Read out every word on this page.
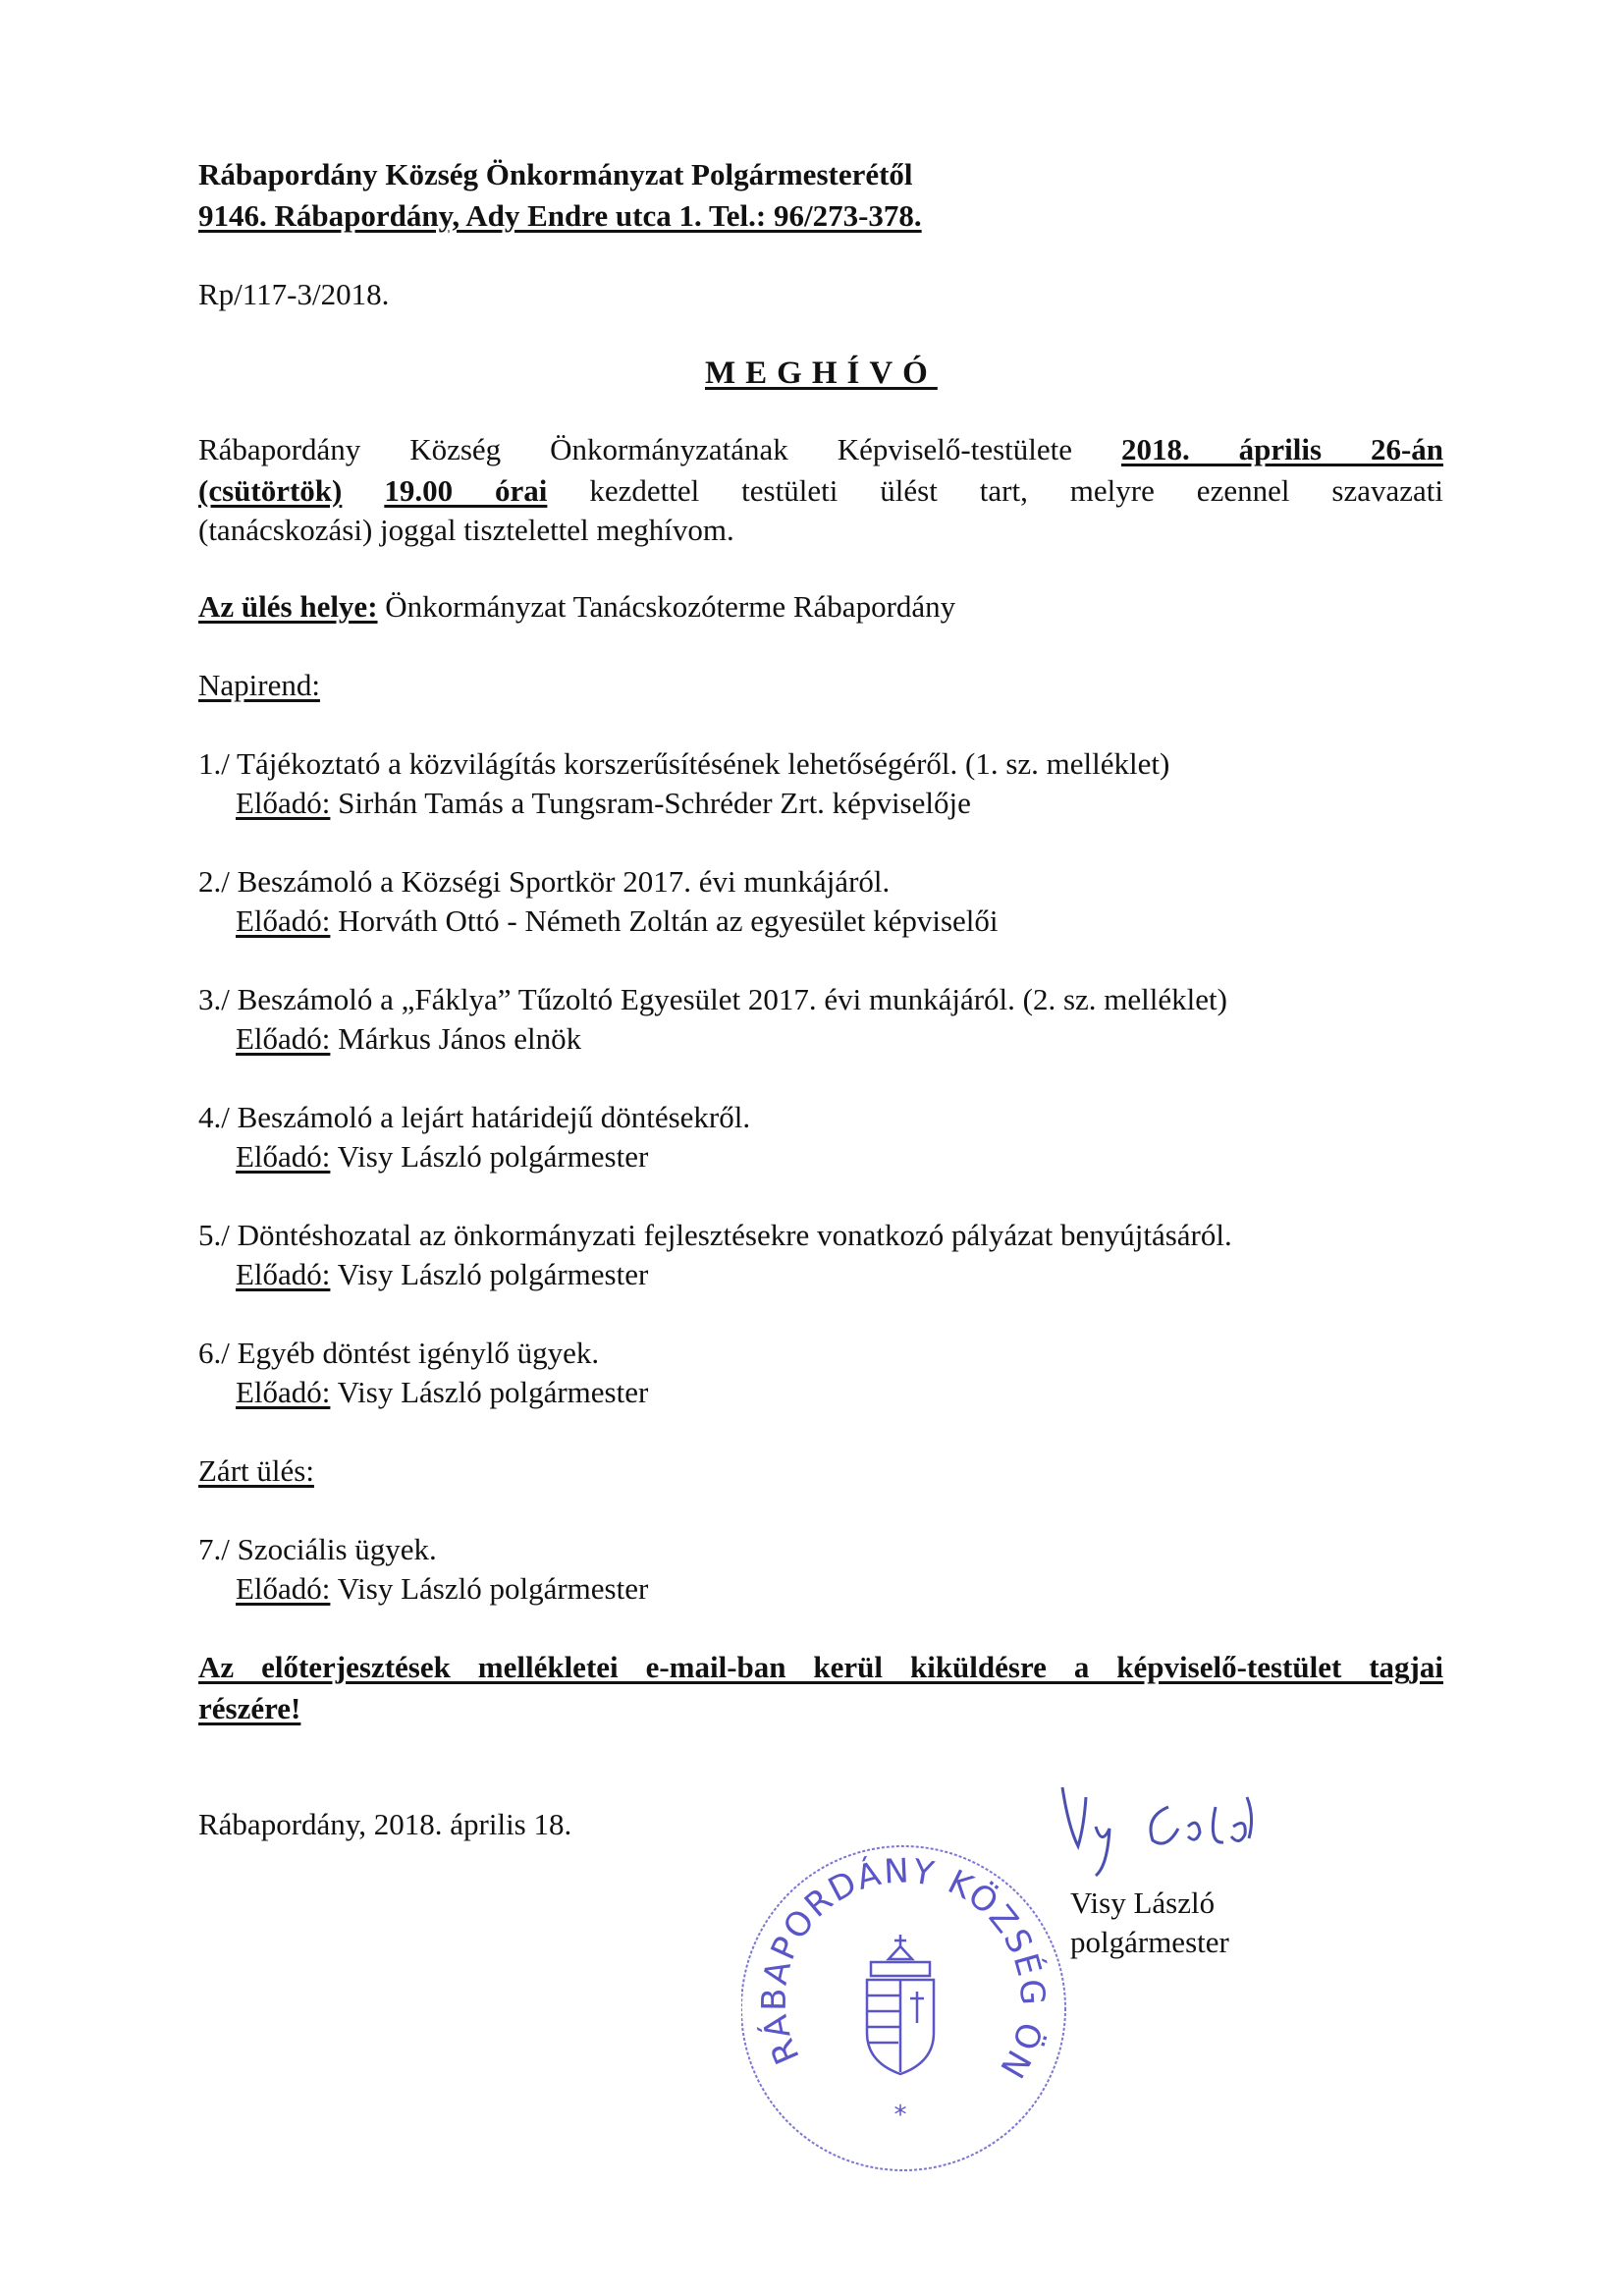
Rábapordány Község Önkormányzat Polgármesterétől
9146. Rábapordány, Ady Endre utca 1. Tel.: 96/273-378.
Rp/117-3/2018.
MEGHÍVÓ
Rábapordány Község Önkormányzatának Képviselő-testülete 2018. április 26-án
(csütörtök) 19.00 órai kezdettel testületi ülést tart, melyre ezennel szavazati
(tanácskozási) joggal tisztelettel meghívom.
Az ülés helye: Önkormányzat Tanácskozóterme Rábapordány
Napirend:
1./ Tájékoztató a közvilágítás korszerűsítésének lehetőségéről. (1. sz. melléklet)
Előadó: Sirhán Tamás a Tungsram-Schréder Zrt. képviselője
2./ Beszámoló a Községi Sportkör 2017. évi munkájáról.
Előadó: Horváth Ottó - Németh Zoltán az egyesület képviselői
3./ Beszámoló a „Fáklya” Tűzoltó Egyesület 2017. évi munkájáról. (2. sz. melléklet)
Előadó: Márkus János elnök
4./ Beszámoló a lejárt határidejű döntésekről.
Előadó: Visy László polgármester
5./ Döntéshozatal az önkormányzati fejlesztésekre vonatkozó pályázat benyújtásáról.
Előadó: Visy László polgármester
6./ Egyéb döntést igénylő ügyek.
Előadó: Visy László polgármester
Zárt ülés:
7./ Szociális ügyek.
Előadó: Visy László polgármester
Az előterjesztések mellékletei e-mail-ban kerül kiküldésre a képviselő-testület tagjai
részére!
Rábapordány, 2018. április 18.
RÁBAPORDÁNY KÖZSÉG ÖN
*
Visy László
polgármester
